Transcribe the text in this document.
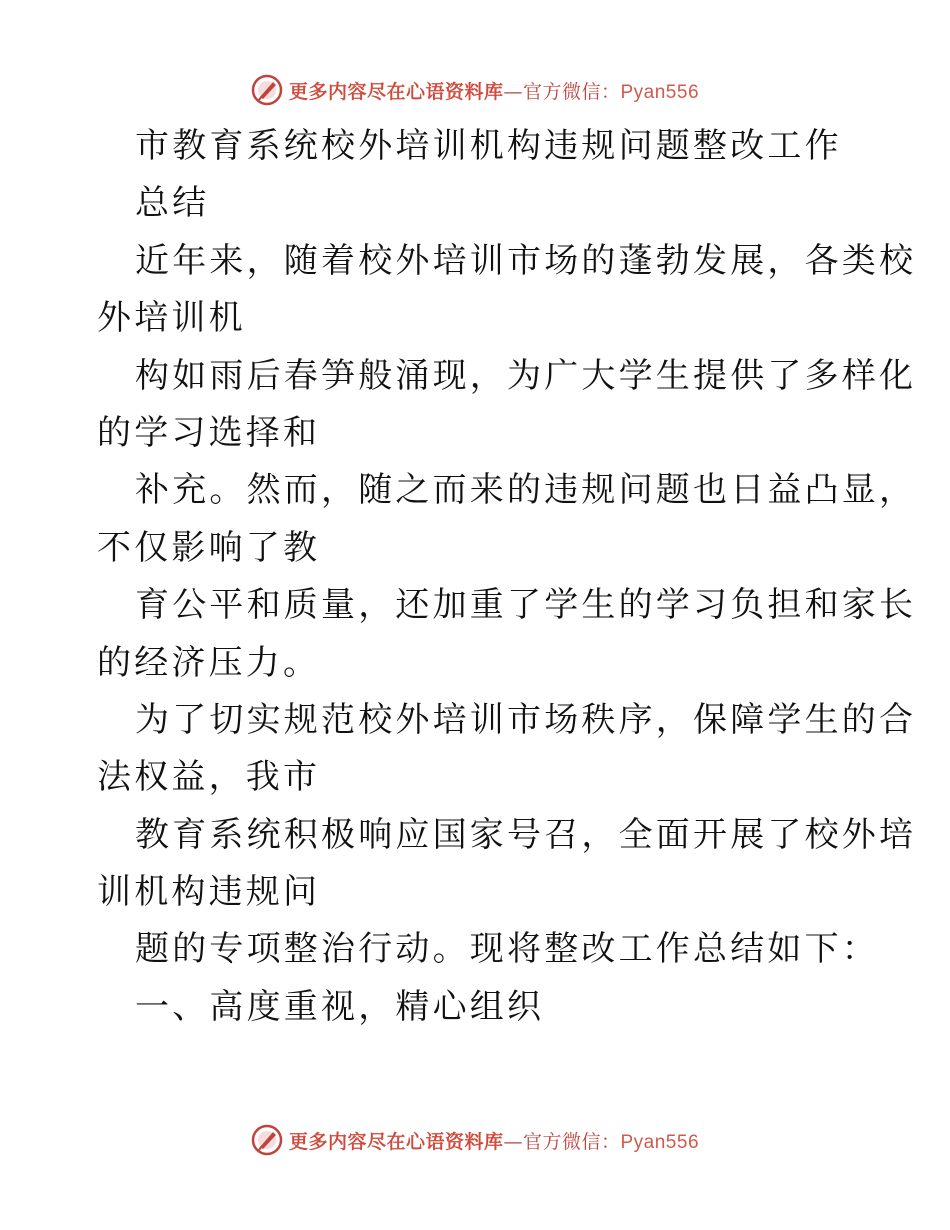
更多内容尽在心语资料库—官方微信：Pyan556
市教育系统校外培训机构违规问题整改工作
总结
近年来，随着校外培训市场的蓬勃发展，各类校
外培训机
构如雨后春笋般涌现，为广大学生提供了多样化
的学习选择和
补充。然而，随之而来的违规问题也日益凸显，
不仅影响了教
育公平和质量，还加重了学生的学习负担和家长
的经济压力。
为了切实规范校外培训市场秩序，保障学生的合
法权益，我市
教育系统积极响应国家号召，全面开展了校外培
训机构违规问
题的专项整治行动。现将整改工作总结如下：
一、高度重视，精心组织
更多内容尽在心语资料库—官方微信：Pyan556
